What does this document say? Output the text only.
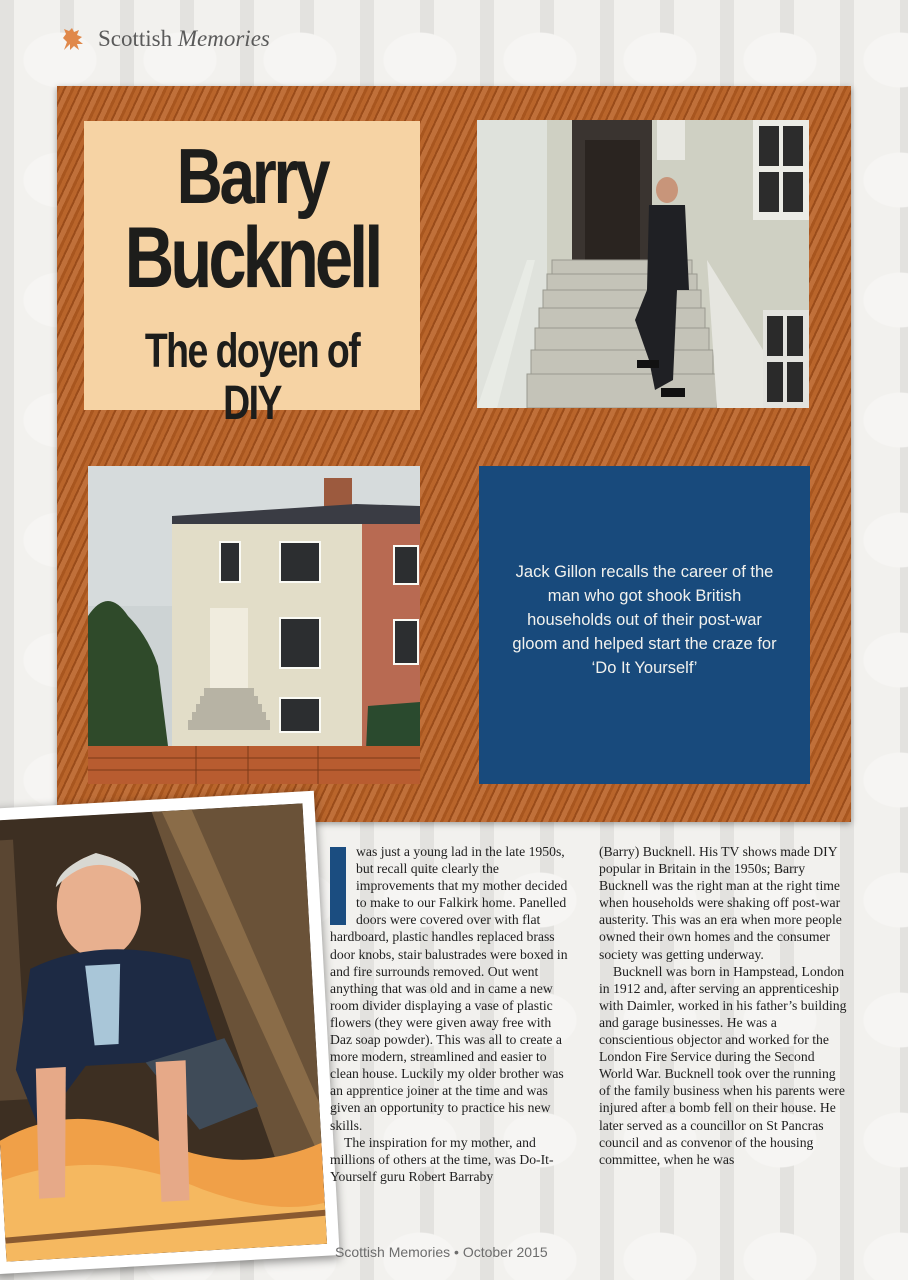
Scottish Memories
Barry
Bucknell
The doyen of DIY
Jack Gillon recalls the career of the man who got shook British households out of their post-war gloom and helped start the craze for ‘Do It Yourself’

was just a young lad in the late 1950s, but recall quite clearly the improvements that my mother decided to make to our Falkirk home. Panelled doors were covered over with flat hardboard, plastic handles replaced brass door knobs, stair balustrades were boxed in and fire surrounds removed. Out went anything that was old and in came a new room divider displaying a vase of plastic flowers (they were given away free with Daz soap powder). This was all to create a more modern, streamlined and easier to clean house. Luckily my older brother was an apprentice joiner at the time and was given an opportunity to practice his new skills.

The inspiration for my mother, and millions of others at the time, was Do-It-Yourself guru Robert Barraby

(Barry) Bucknell. His TV shows made DIY popular in Britain in the 1950s; Barry Bucknell was the right man at the right time when households were shaking off post-war austerity. This was an era when more people owned their own homes and the consumer society was getting underway.

Bucknell was born in Hampstead, London in 1912 and, after serving an apprenticeship with Daimler, worked in his father’s building and garage businesses. He was a conscientious objector and worked for the London Fire Service during the Second World War. Bucknell took over the running of the family business when his parents were injured after a bomb fell on their house. He later served as a councillor on St Pancras council and as convenor of the housing committee, when he was

Scottish Memories • October 2015
